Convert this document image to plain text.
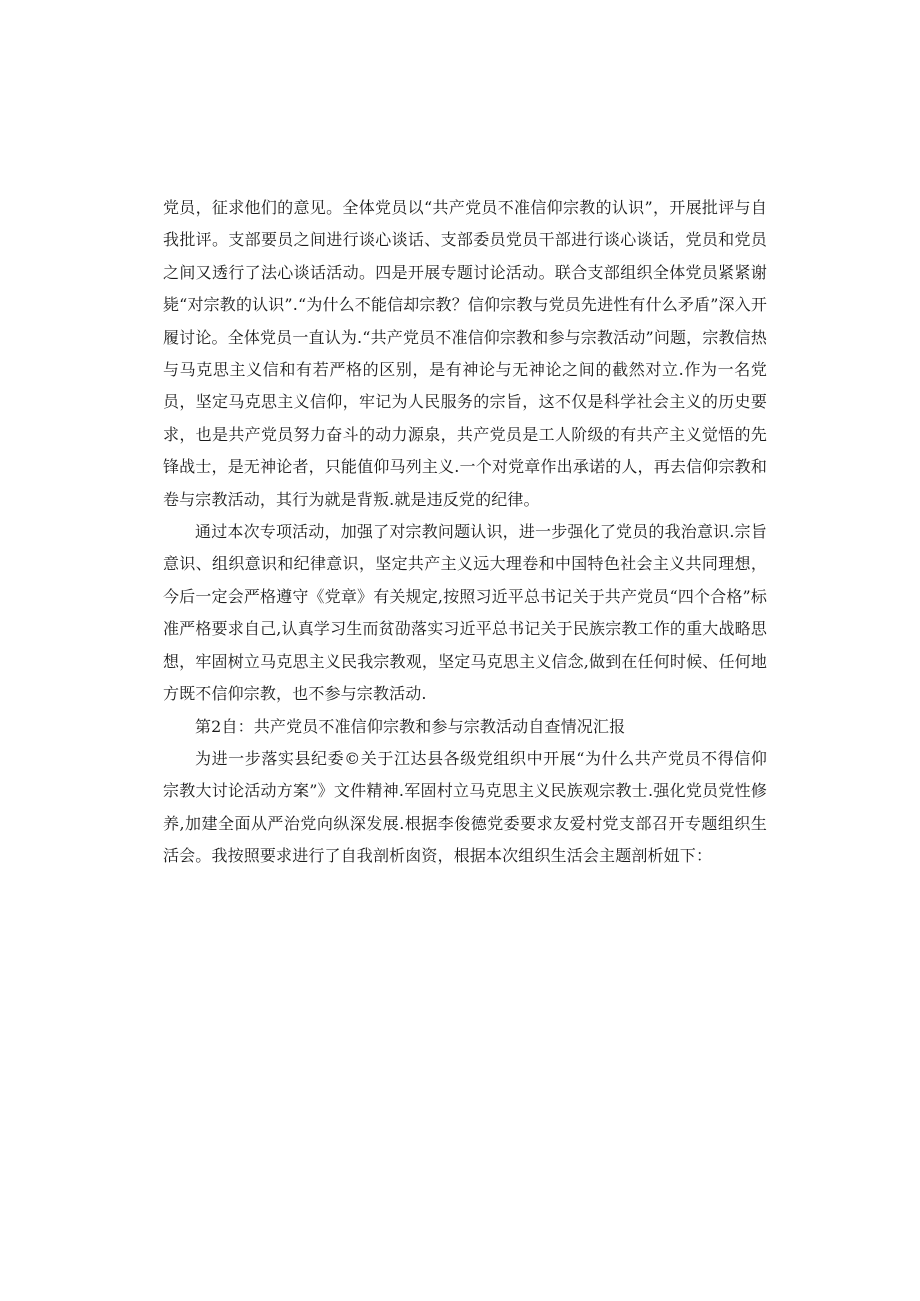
党员，征求他们的意见。全体党员以“共产党员不准信仰宗教的认识”，开展批评与自我批评。支部要员之间进行谈心谈话、支部委员党员干部进行谈心谈话，党员和党员之间又透行了法心谈话活动。四是开展专题讨论活动。联合支部组织全体党员紧紧谢毙“对宗教的认识”.“为什么不能信却宗教？信仰宗教与党员先进性有什么矛盾”深入开履讨论。全体党员一直认为.“共产党员不准信仰宗教和参与宗教活动”问题，宗教信热与马克思主义信和有若严格的区别，是有神论与无神论之间的截然对立.作为一名党员，坚定马克思主义信仰，牢记为人民服务的宗旨，这不仅是科学社会主义的历史要求，也是共产党员努力奋斗的动力源泉，共产党员是工人阶级的有共产主义觉悟的先锋战士，是无神论者，只能值仰马列主义.一个对党章作出承诺的人，再去信仰宗教和卷与宗教活动，其行为就是背叛.就是违反党的纪律。

通过本次专项活动，加强了对宗教问题认识，进一步强化了党员的我治意识.宗旨意识、组织意识和纪律意识，坚定共产主义远大理卷和中国特色社会主义共同理想，今后一定会严格遵守《党章》有关规定,按照习近平总书记关于共产党员“四个合格”标准严格要求自己,认真学习生而贫劭落实习近平总书记关于民族宗教工作的重大战略思想，牢固树立马克思主义民我宗教观，坚定马克思主义信念,做到在任何时候、任何地方既不信仰宗教，也不参与宗教活动.

第2自：共产党员不准信仰宗教和参与宗教活动自查情况汇报

为进一步落实县纪委©关于江达县各级党组织中开展“为什么共产党员不得信仰宗教大讨论活动方案”》文件精神.军固村立马克思主义民族观宗教士.强化党员党性修养,加建全面从严治党向纵深发展.根据李俊德党委要求友爱村党支部召开专题组织生活会。我按照要求进行了自我剖析囱资，根据本次组织生活会主题剖析妞下：
